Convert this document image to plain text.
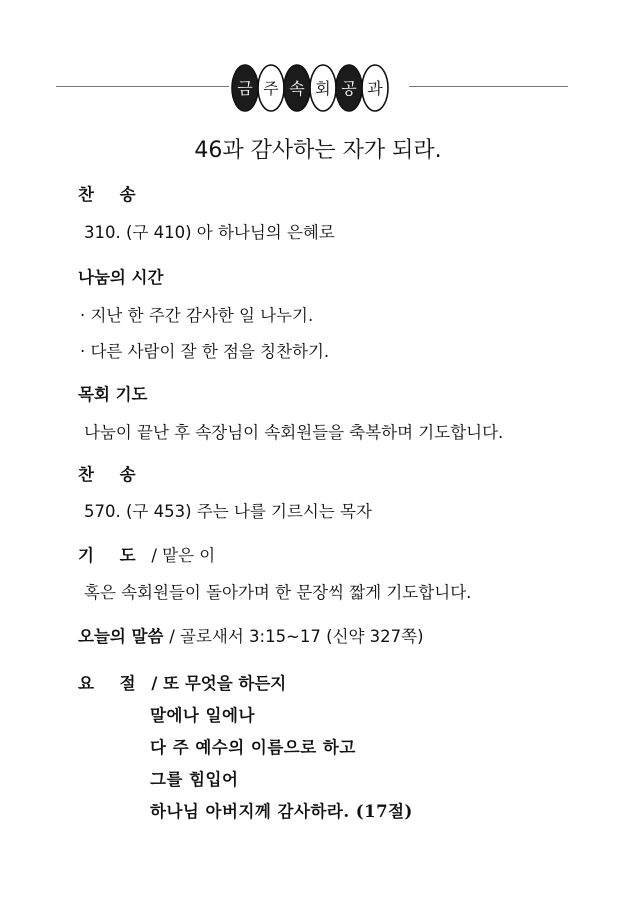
금 주 속 회 공 과
46과 감사하는 자가 되라.
찬 송
310. (구 410) 아 하나님의 은혜로
나눔의 시간
· 지난 한 주간 감사한 일 나누기.
· 다른 사람이 잘 한 점을 칭찬하기.
목회 기도
나눔이 끝난 후 속장님이 속회원들을 축복하며 기도합니다.
찬 송
570. (구 453) 주는 나를 기르시는 목자
기 도 / 맡은 이
혹은 속회원들이 돌아가며 한 문장씩 짧게 기도합니다.
오늘의 말씀 / 골로새서 3:15~17 (신약 327쪽)
요 절 / 또 무엇을 하든지
말에나 일에나
다 주 예수의 이름으로 하고
그를 힘입어
하나님 아버지께 감사하라. (17절)
